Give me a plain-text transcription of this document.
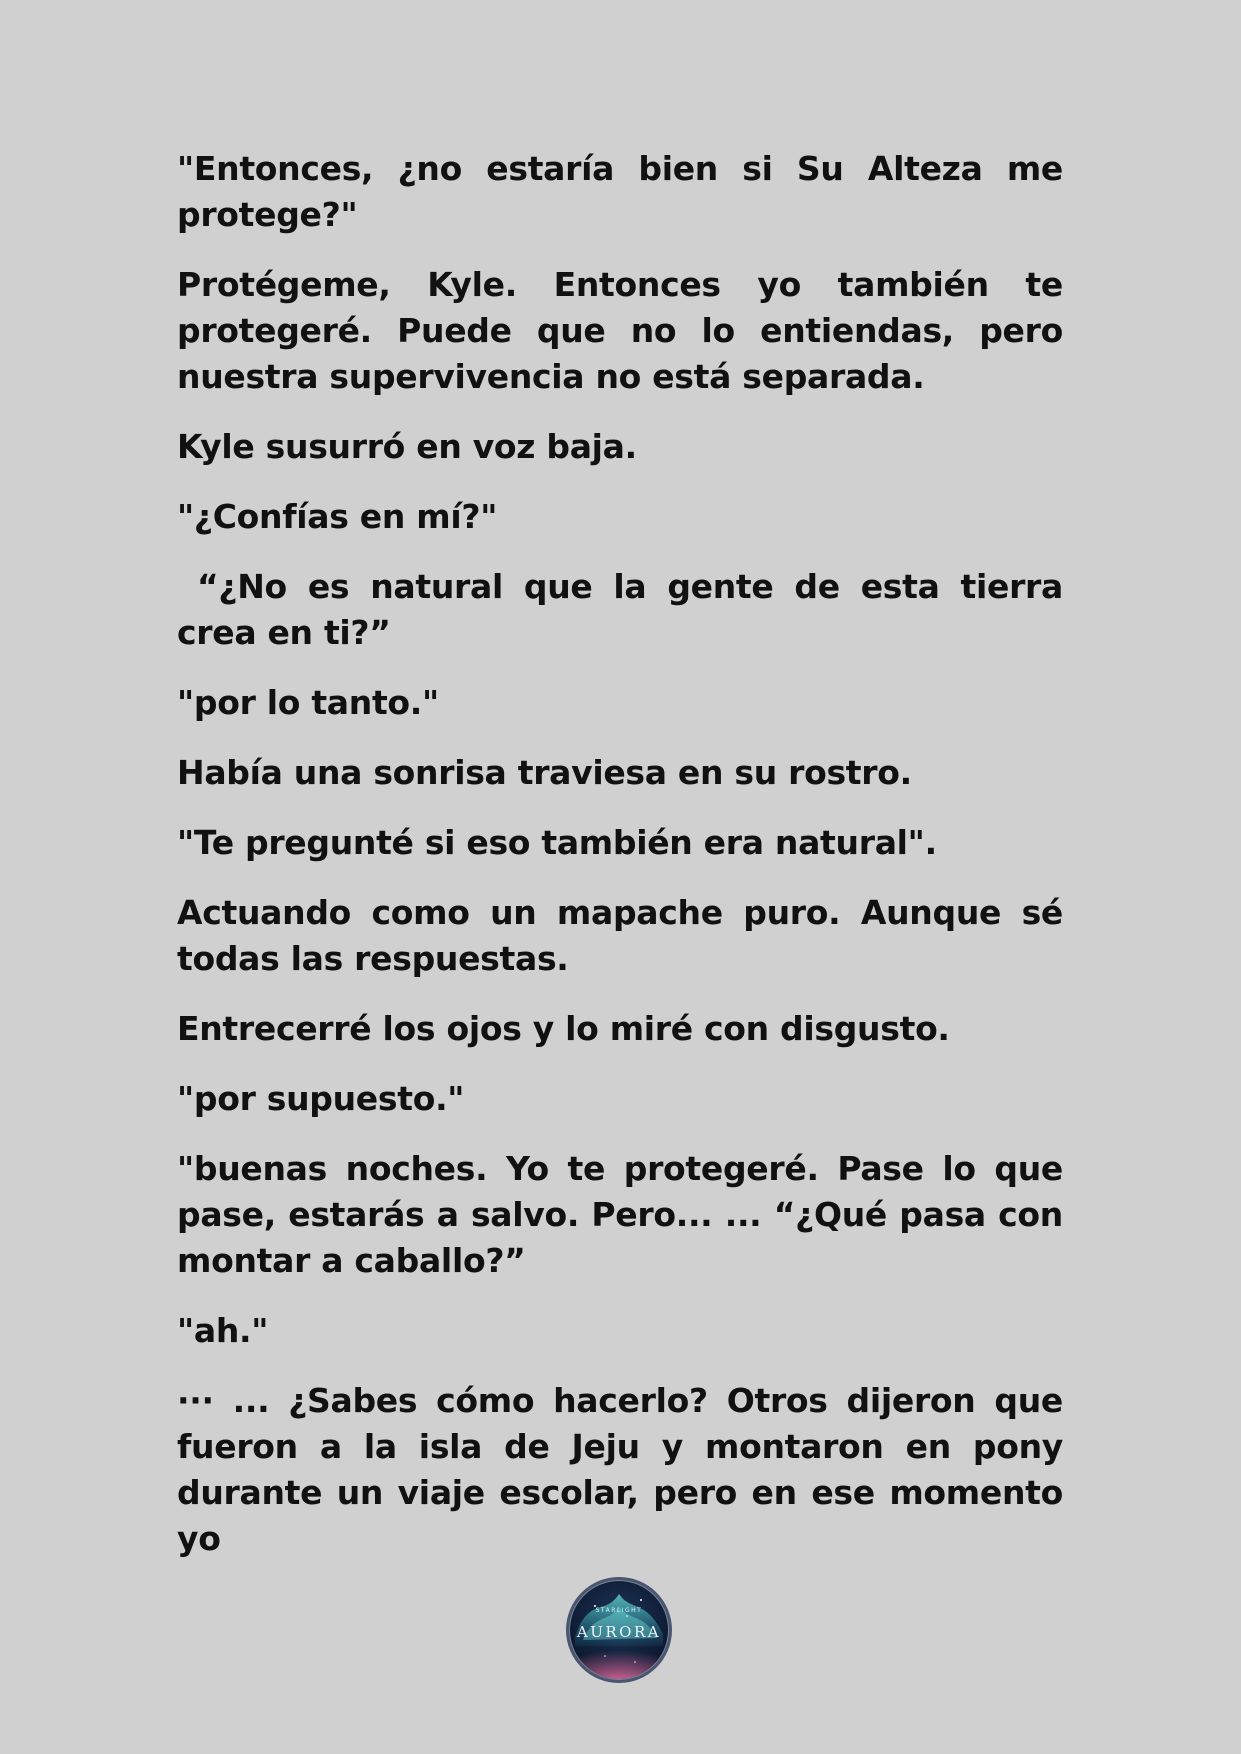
"Entonces, ¿no estaría bien si Su Alteza me protege?"

Protégeme, Kyle. Entonces yo también te protegeré. Puede que no lo entiendas, pero nuestra supervivencia no está separada.

Kyle susurró en voz baja.

"¿Confías en mí?"

“¿No es natural que la gente de esta tierra crea en ti?”

"por lo tanto."

Había una sonrisa traviesa en su rostro.

"Te pregunté si eso también era natural".

Actuando como un mapache puro. Aunque sé todas las respuestas.

Entrecerré los ojos y lo miré con disgusto.

"por supuesto."

"buenas noches. Yo te protegeré. Pase lo que pase, estarás a salvo. Pero... ... “¿Qué pasa con montar a caballo?”

"ah."

··· ... ¿Sabes cómo hacerlo? Otros dijeron que fueron a la isla de Jeju y montaron en pony durante un viaje escolar, pero en ese momento yo

STARLIGHT
AURORA
